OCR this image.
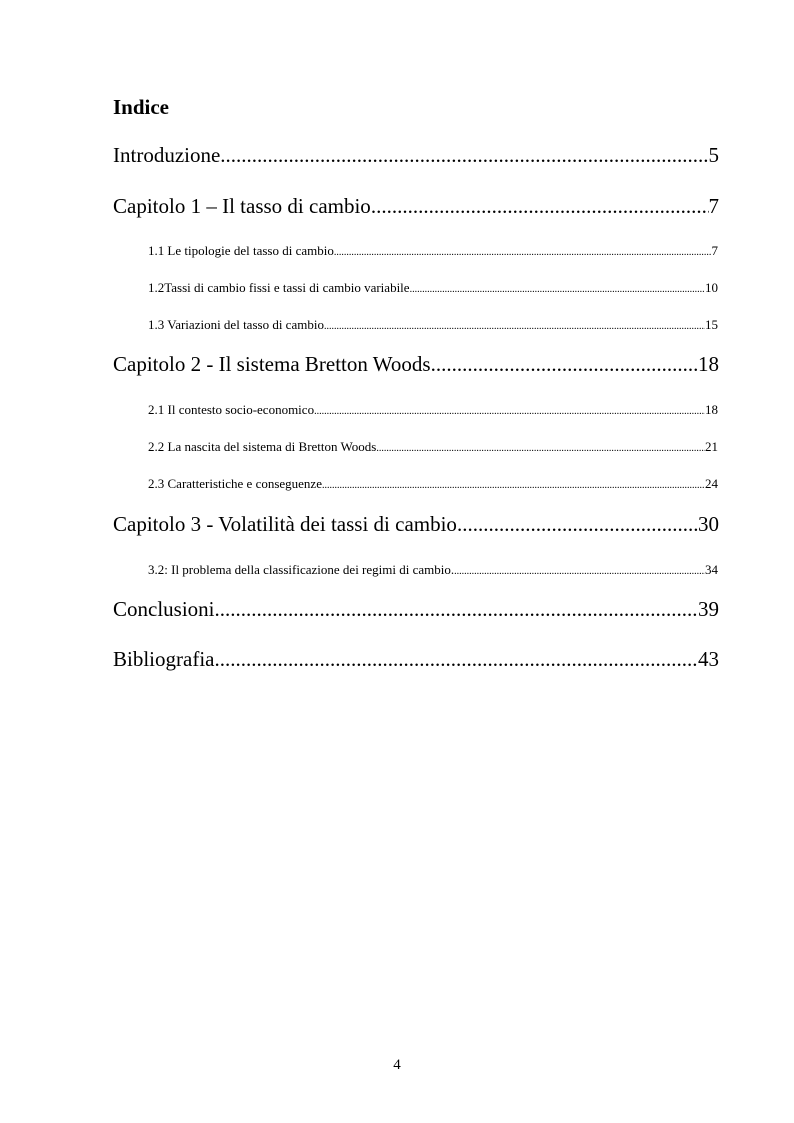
Indice
Introduzione .....	5
Capitolo 1 – Il tasso di cambio .....	7
1.1 Le tipologie del tasso di cambio .....	7
1.2 Tassi di cambio fissi e tassi di cambio variabile .....	10
1.3 Variazioni del tasso di cambio .....	15
Capitolo 2 - Il sistema Bretton Woods .....	18
2.1 Il contesto socio-economico .....	18
2.2 La nascita del sistema di Bretton Woods .....	21
2.3 Caratteristiche e conseguenze .....	24
Capitolo 3 - Volatilità dei tassi di cambio .....	30
3.2: Il problema della classificazione dei regimi di cambio. .....	34
Conclusioni .....	39
Bibliografia .....	43
4
